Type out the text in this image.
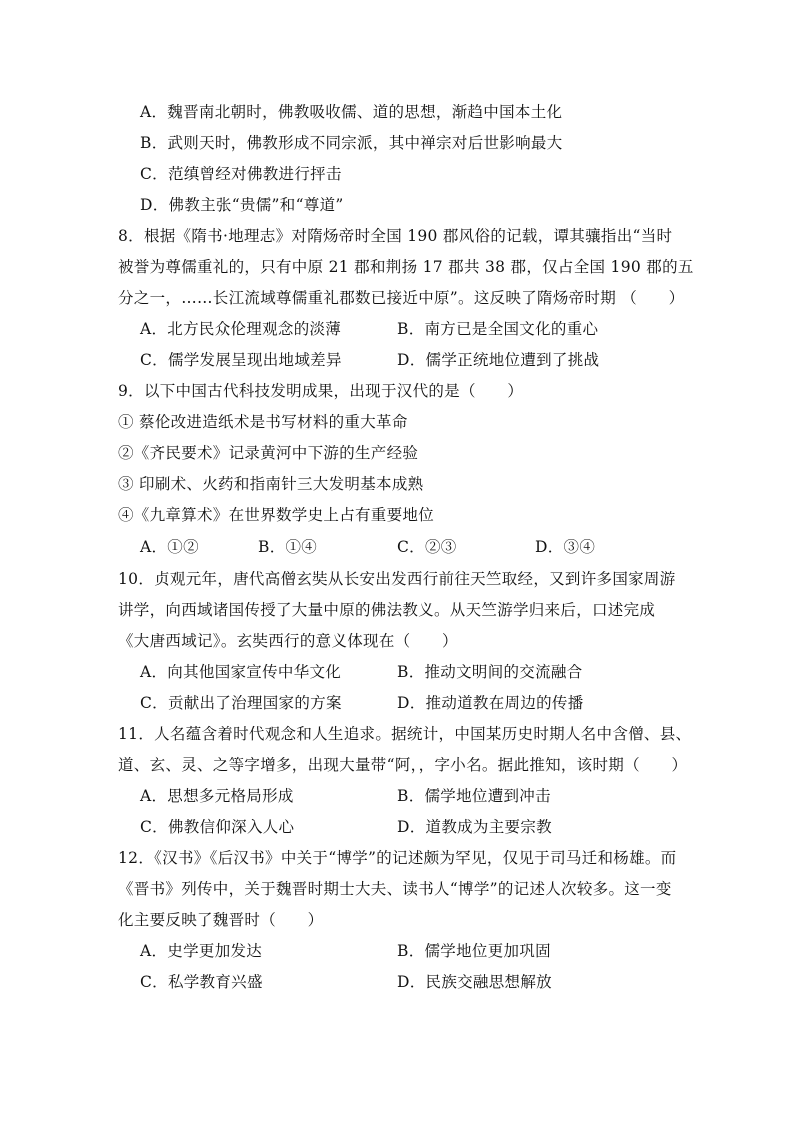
A．魏晋南北朝时，佛教吸收儒、道的思想，渐趋中国本土化
B．武则天时，佛教形成不同宗派，其中禅宗对后世影响最大
C．范缜曾经对佛教进行抨击
D．佛教主张“贵儒”和“尊道”
8．根据《隋书·地理志》对隋炀帝时全国 190 郡风俗的记载，谭其骧指出“当时
被誉为尊儒重礼的，只有中原 21 郡和荆扬 17 郡共 38 郡，仅占全国 190 郡的五
分之一，……长江流域尊儒重礼郡数已接近中原”。这反映了隋炀帝时期 （　　）
A．北方民众伦理观念的淡薄	B．南方已是全国文化的重心
C．儒学发展呈现出地域差异	D．儒学正统地位遭到了挑战
9．以下中国古代科技发明成果，出现于汉代的是（　　）
① 蔡伦改进造纸术是书写材料的重大革命
②《齐民要术》记录黄河中下游的生产经验
③ 印刷术、火药和指南针三大发明基本成熟
④《九章算术》在世界数学史上占有重要地位
A．①②	B．①④	C．②③	D．③④
10．贞观元年，唐代高僧玄奘从长安出发西行前往天竺取经，又到许多国家周游
讲学，向西域诸国传授了大量中原的佛法教义。从天竺游学归来后，口述完成
《大唐西域记》。玄奘西行的意义体现在（　　）
A．向其他国家宣传中华文化	B．推动文明间的交流融合
C．贡献出了治理国家的方案	D．推动道教在周边的传播
11．人名蕴含着时代观念和人生追求。据统计，中国某历史时期人名中含僧、县、
道、玄、灵、之等字增多，出现大量带“阿，，字小名。据此推知，该时期（　　）
A．思想多元格局形成	B．儒学地位遭到冲击
C．佛教信仰深入人心	D．道教成为主要宗教
12．《汉书》《后汉书》中关于“博学”的记述颇为罕见，仅见于司马迁和杨雄。而
《晋书》列传中，关于魏晋时期士大夫、读书人“博学”的记述人次较多。这一变
化主要反映了魏晋时（　　）
A．史学更加发达	B．儒学地位更加巩固
C．私学教育兴盛	D．民族交融思想解放
